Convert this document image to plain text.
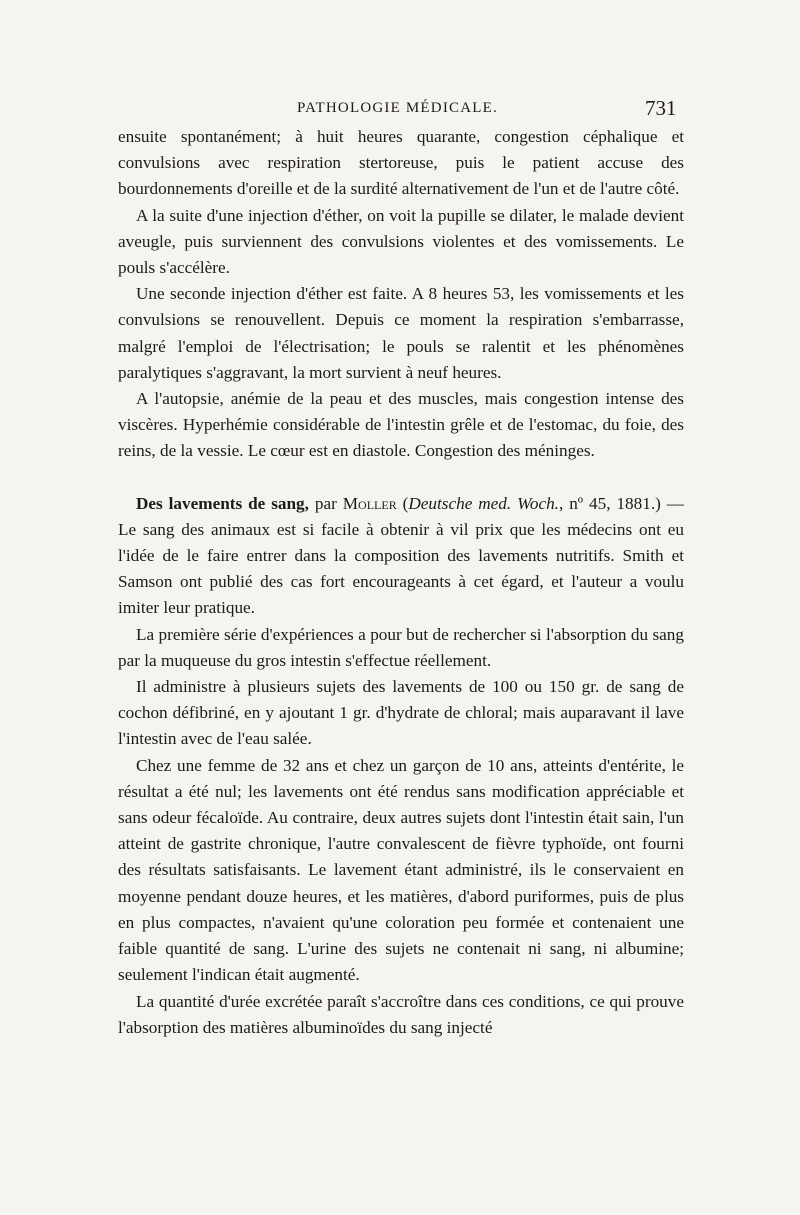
PATHOLOGIE MÉDICALE.	731

ensuite spontanément; à huit heures quarante, congestion céphalique et convulsions avec respiration stertoreuse, puis le patient accuse des bourdonnements d'oreille et de la surdité alternativement de l'un et de l'autre côté.

A la suite d'une injection d'éther, on voit la pupille se dilater, le malade devient aveugle, puis surviennent des convulsions violentes et des vomissements. Le pouls s'accélère.

Une seconde injection d'éther est faite. A 8 heures 53, les vomissements et les convulsions se renouvellent. Depuis ce moment la respiration s'embarrasse, malgré l'emploi de l'électrisation; le pouls se ralentit et les phénomènes paralytiques s'aggravant, la mort survient à neuf heures.

A l'autopsie, anémie de la peau et des muscles, mais congestion intense des viscères. Hyperhémie considérable de l'intestin grêle et de l'estomac, du foie, des reins, de la vessie. Le cœur est en diastole. Congestion des méninges.

Des lavements de sang, par Moller (Deutsche med. Woch., nº 45, 1881.) — Le sang des animaux est si facile à obtenir à vil prix que les médecins ont eu l'idée de le faire entrer dans la composition des lavements nutritifs. Smith et Samson ont publié des cas fort encourageants à cet égard, et l'auteur a voulu imiter leur pratique.

La première série d'expériences a pour but de rechercher si l'absorption du sang par la muqueuse du gros intestin s'effectue réellement.

Il administre à plusieurs sujets des lavements de 100 ou 150 gr. de sang de cochon défibriné, en y ajoutant 1 gr. d'hydrate de chloral; mais auparavant il lave l'intestin avec de l'eau salée.

Chez une femme de 32 ans et chez un garçon de 10 ans, atteints d'entérite, le résultat a été nul; les lavements ont été rendus sans modification appréciable et sans odeur fécaloïde. Au contraire, deux autres sujets dont l'intestin était sain, l'un atteint de gastrite chronique, l'autre convalescent de fièvre typhoïde, ont fourni des résultats satisfaisants. Le lavement étant administré, ils le conservaient en moyenne pendant douze heures, et les matières, d'abord puriformes, puis de plus en plus compactes, n'avaient qu'une coloration peu formée et contenaient une faible quantité de sang. L'urine des sujets ne contenait ni sang, ni albumine; seulement l'indican était augmenté.

La quantité d'urée excrétée paraît s'accroître dans ces conditions, ce qui prouve l'absorption des matières albuminoïdes du sang injecté
